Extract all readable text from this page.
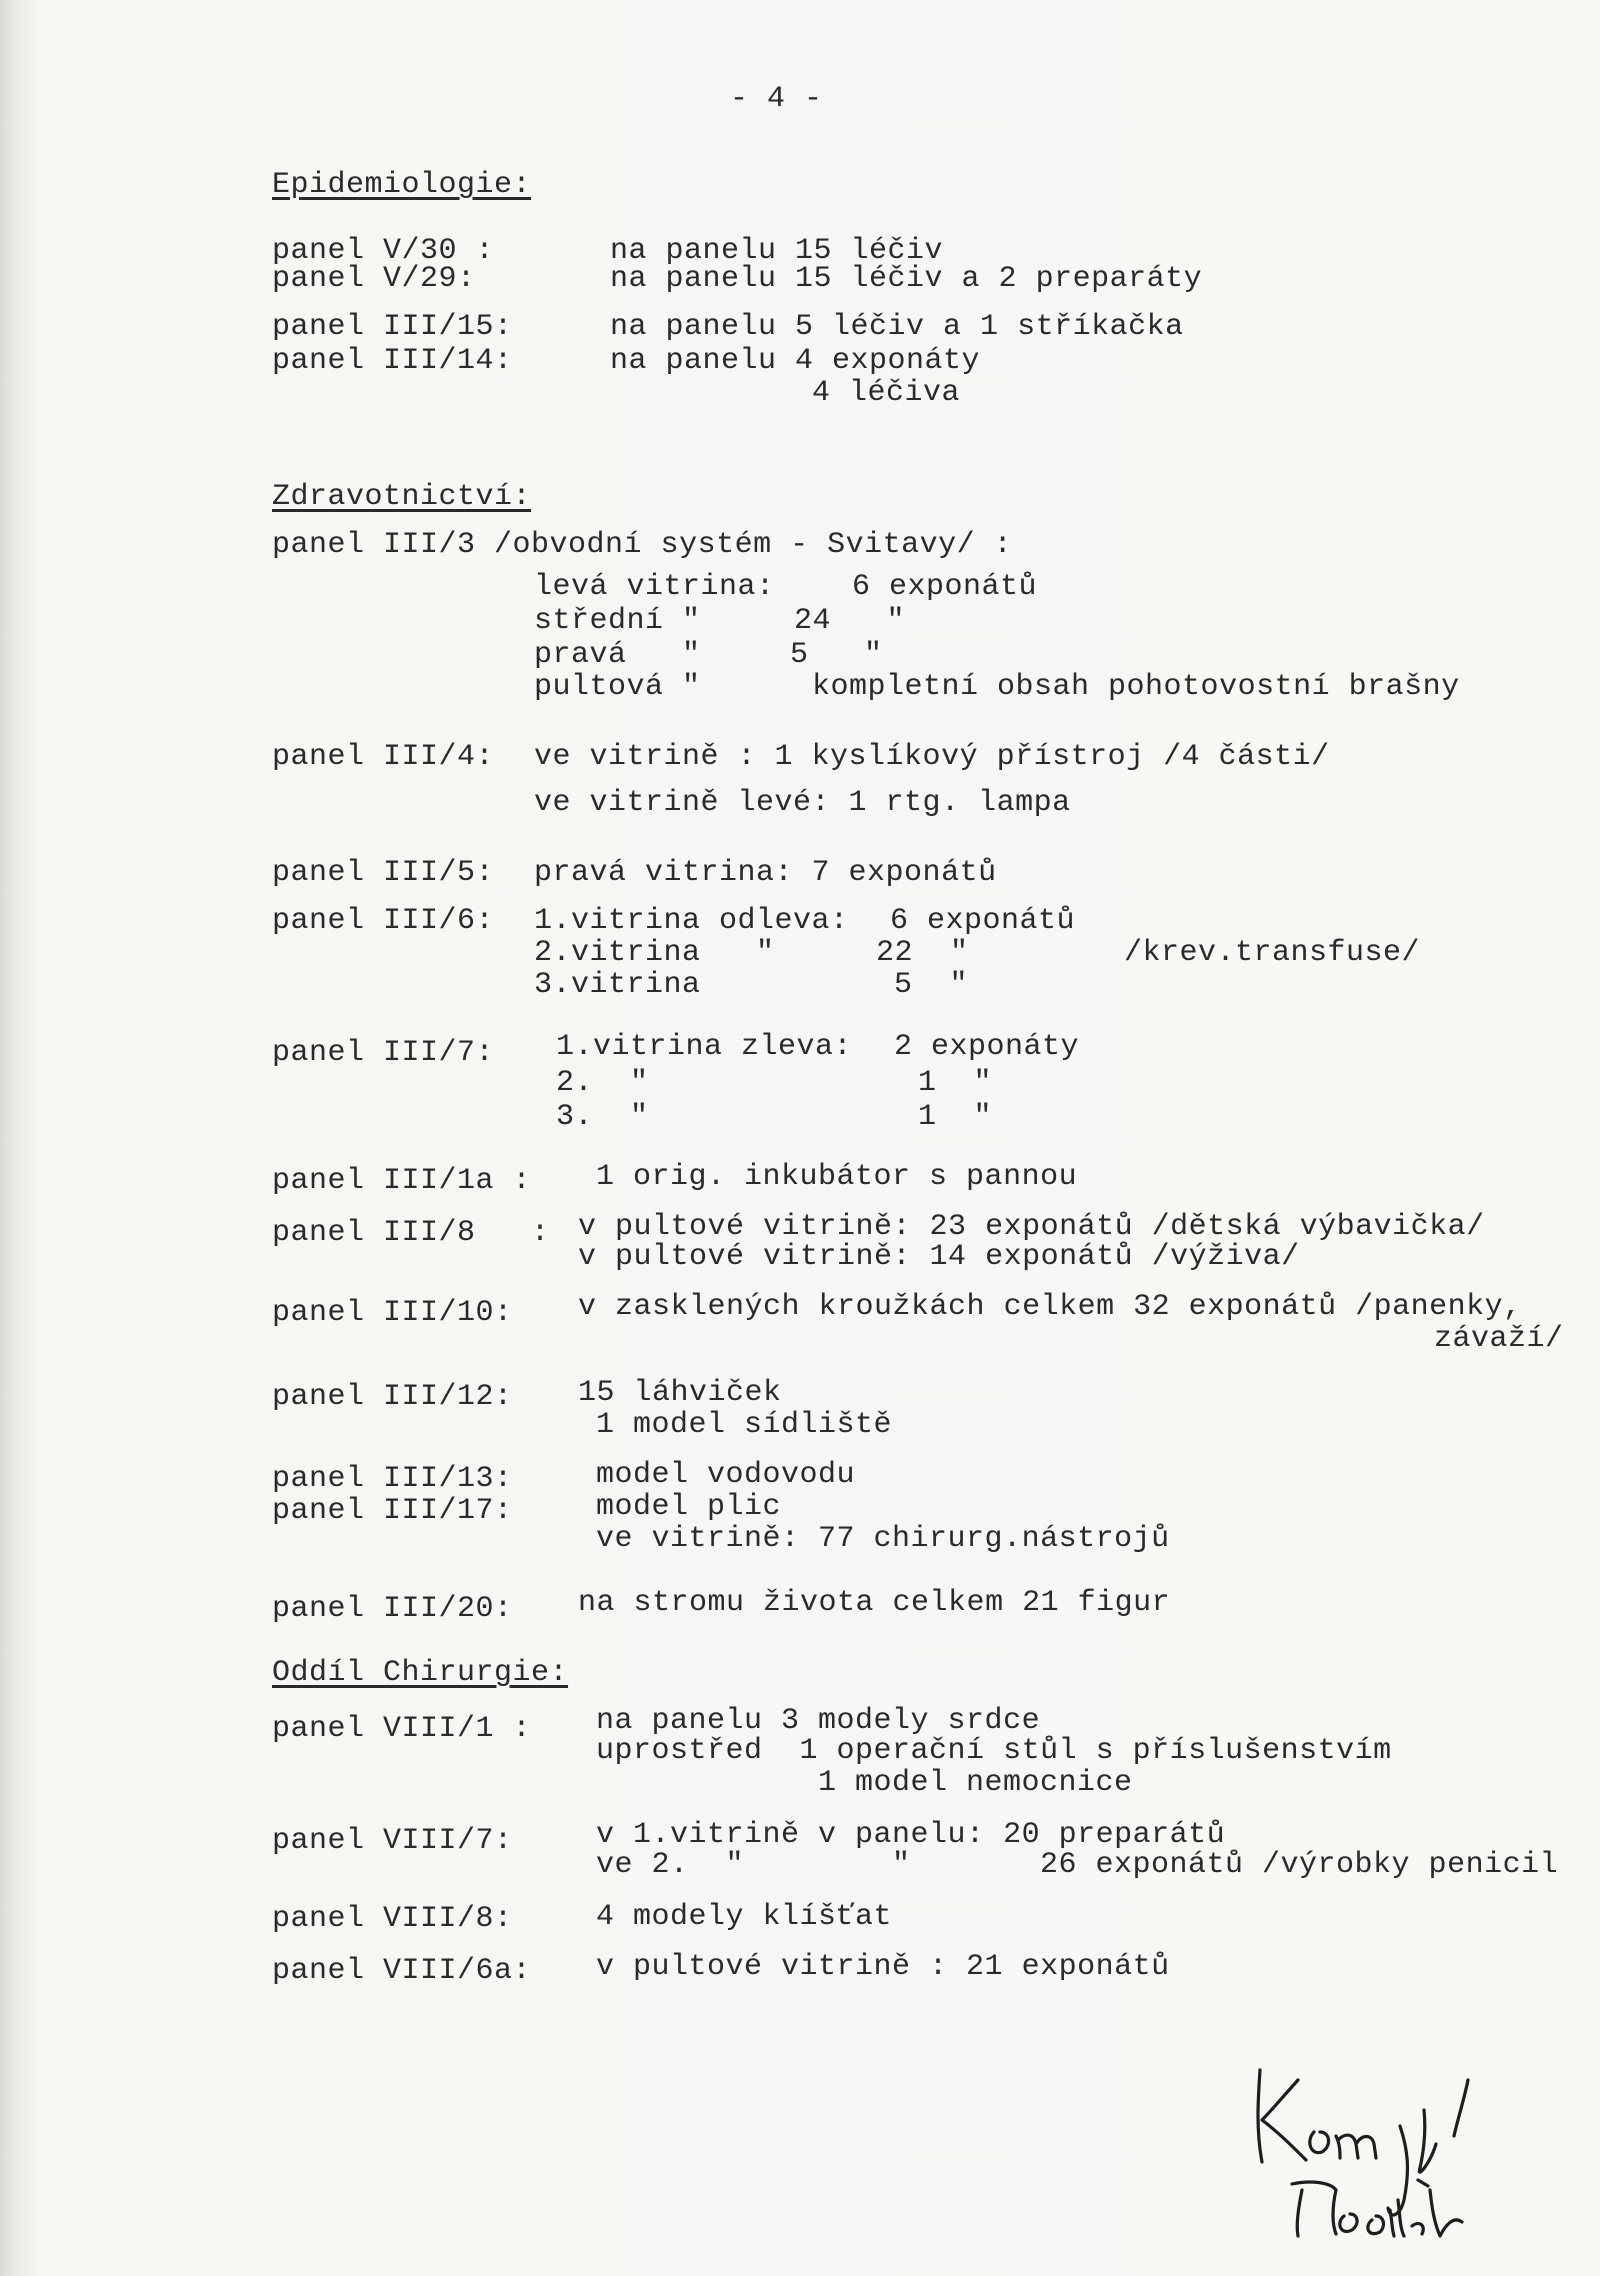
- 4 -
Epidemiologie:
panel V/30 :	na panelu 15 léčiv
panel V/29:	na panelu 15 léčiv a 2 preparáty
panel III/15:	na panelu 5 léčiv a 1 stříkačka
panel III/14:	na panelu 4 exponáty
4 léčiva
Zdravotnictví:
panel III/3 /obvodní systém - Svitavy/ :
levá vitrina:	6 exponátů
střední "	24   "
pravá   "	5   "
pultová "	kompletní obsah pohotovostní brašny
panel III/4: ve vitrině : 1 kyslíkový přístroj /4 části/
ve vitrině levé: 1 rtg. lampa
panel III/5: pravá vitrina: 7 exponátů
panel III/6: 1.vitrina odleva: 6 exponátů
2.vitrina   "	22  "	/krev.transfuse/
3.vitrina	5  "
panel III/7: 1.vitrina zleva: 2 exponáty
2.  "	1  "
3.  "	1  "
panel III/1a : 1 orig. inkubátor s pannou
panel III/8   : v pultové vitrině: 23 exponátů /dětská výbavička/
v pultové vitrině: 14 exponátů /výživa/
panel III/10: v zasklených kroužkách celkem 32 exponátů /panenky,
závaží/
panel III/12: 15 láhviček
1 model sídliště
panel III/13:	model vodovodu
panel III/17:	model plic
ve vitrině: 77 chirurg.nástrojů
panel III/20: na stromu života celkem 21 figur
Oddíl Chirurgie:
panel VIII/1 : na panelu 3 modely srdce
uprostřed  1 operační stůl s příslušenstvím
1 model nemocnice
panel VIII/7:	v 1.vitrině v panelu: 20 preparátů
ve 2.  "        "	26 exponátů /výrobky penicil
panel VIII/8:	4 modely klíšťat
panel VIII/6a: v pultové vitrině : 21 exponátů
